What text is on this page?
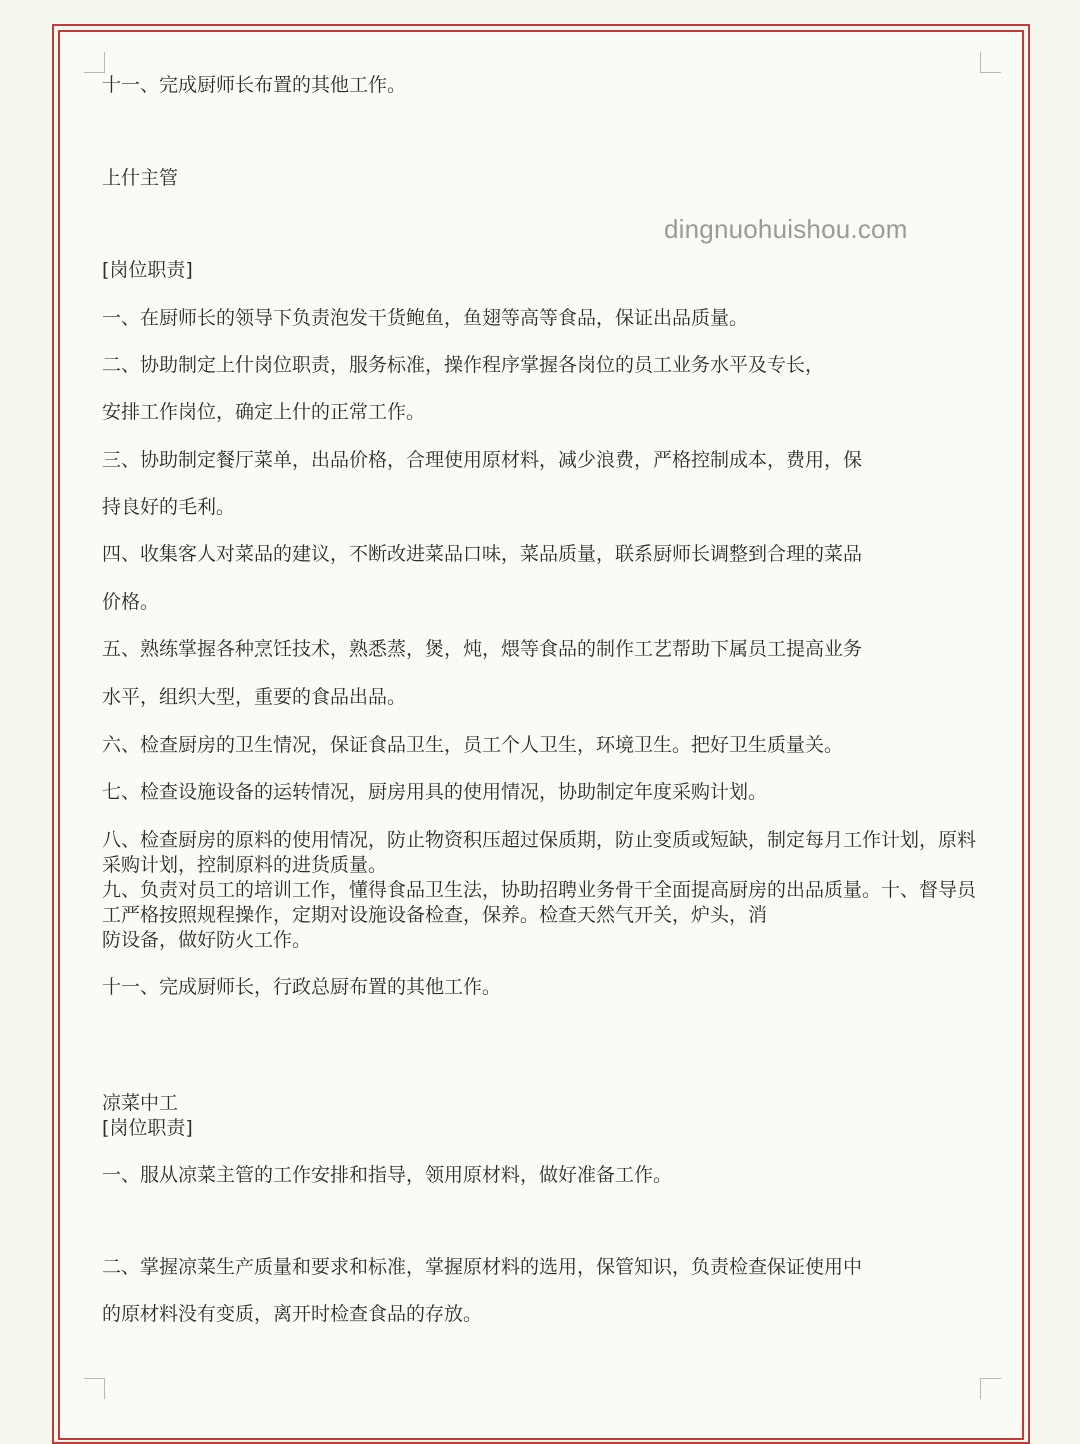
dingnuohuishou.com
十一、完成厨师长布置的其他工作。
上什主管
[岗位职责]
一、在厨师长的领导下负责泡发干货鲍鱼，鱼翅等高等食品，保证出品质量。
二、协助制定上什岗位职责，服务标准，操作程序掌握各岗位的员工业务水平及专长，
安排工作岗位，确定上什的正常工作。
三、协助制定餐厅菜单，出品价格，合理使用原材料，减少浪费，严格控制成本，费用，保
持良好的毛利。
四、收集客人对菜品的建议，不断改进菜品口味，菜品质量，联系厨师长调整到合理的菜品
价格。
五、熟练掌握各种烹饪技术，熟悉蒸，煲，炖，煨等食品的制作工艺帮助下属员工提高业务
水平，组织大型，重要的食品出品。
六、检查厨房的卫生情况，保证食品卫生，员工个人卫生，环境卫生。把好卫生质量关。
七、检查设施设备的运转情况，厨房用具的使用情况，协助制定年度采购计划。
八、检查厨房的原料的使用情况，防止物资积压超过保质期，防止变质或短缺，制定每月工作计划，原料采购计划，控制原料的进货质量。
九、负责对员工的培训工作，懂得食品卫生法，协助招聘业务骨干全面提高厨房的出品质量。十、督导员工严格按照规程操作，定期对设施设备检查，保养。检查天然气开关，炉头，消
防设备，做好防火工作。
十一、完成厨师长，行政总厨布置的其他工作。
凉菜中工
[岗位职责]
一、服从凉菜主管的工作安排和指导，领用原材料，做好准备工作。
二、掌握凉菜生产质量和要求和标准，掌握原材料的选用，保管知识，负责检查保证使用中
的原材料没有变质，离开时检查食品的存放。
